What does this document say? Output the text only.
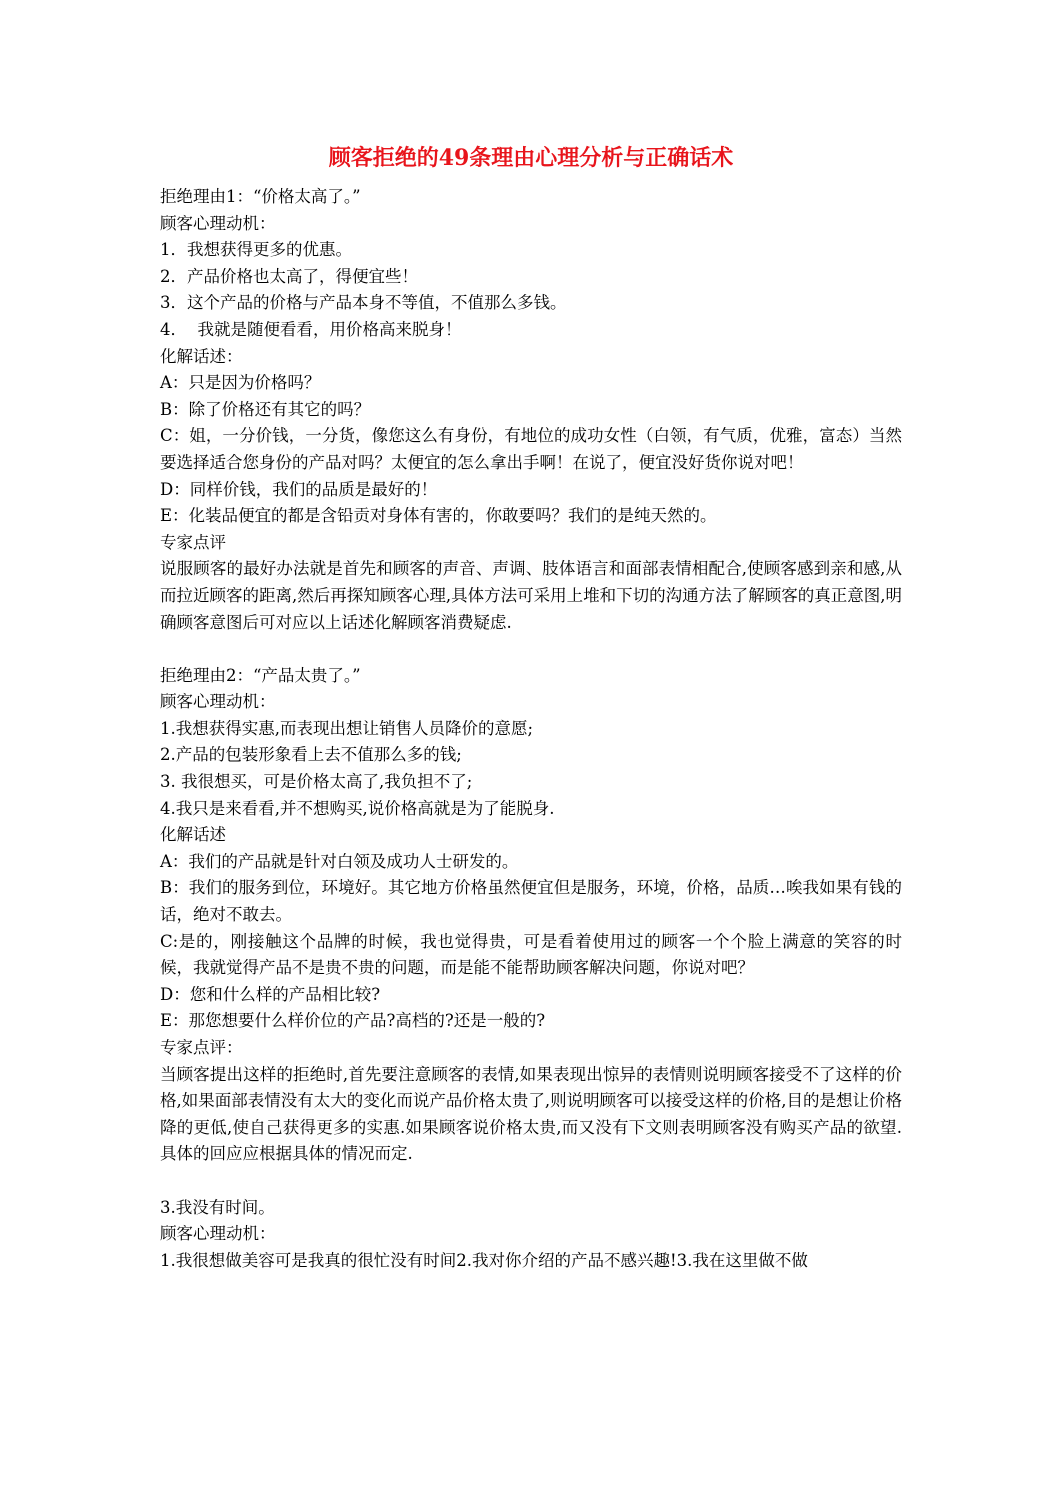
顾客拒绝的49条理由心理分析与正确话术

拒绝理由1：“价格太高了。”

顾客心理动机：

1．我想获得更多的优惠。

2．产品价格也太高了，得便宜些！

3．这个产品的价格与产品本身不等值，不值那么多钱。

4．  我就是随便看看，用价格高来脱身！

化解话述：

A：只是因为价格吗？

B：除了价格还有其它的吗？

C：姐，一分价钱，一分货，像您这么有身份，有地位的成功女性（白领，有气质，优雅，富态）当然要选择适合您身份的产品对吗？太便宜的怎么拿出手啊！在说了，便宜没好货你说对吧！

D：同样价钱，我们的品质是最好的！

E：化装品便宜的都是含铅贡对身体有害的，你敢要吗？我们的是纯天然的。

专家点评

说服顾客的最好办法就是首先和顾客的声音、声调、肢体语言和面部表情相配合,使顾客感到亲和感,从而拉近顾客的距离,然后再探知顾客心理,具体方法可采用上堆和下切的沟通方法了解顾客的真正意图,明确顾客意图后可对应以上话述化解顾客消费疑虑.

拒绝理由2：“产品太贵了。”

顾客心理动机：

1.我想获得实惠,而表现出想让销售人员降价的意愿;

2.产品的包装形象看上去不值那么多的钱;

3. 我很想买，可是价格太高了,我负担不了;

4.我只是来看看,并不想购买,说价格高就是为了能脱身.

化解话述

A：我们的产品就是针对白领及成功人士研发的。

B：我们的服务到位，环境好。其它地方价格虽然便宜但是服务，环境，价格，品质…唉我如果有钱的话，绝对不敢去。

C:是的，刚接触这个品牌的时候，我也觉得贵，可是看着使用过的顾客一个个脸上满意的笑容的时候，我就觉得产品不是贵不贵的问题，而是能不能帮助顾客解决问题，你说对吧？

D：您和什么样的产品相比较?

E：那您想要什么样价位的产品?高档的?还是一般的?

专家点评：

当顾客提出这样的拒绝时,首先要注意顾客的表情,如果表现出惊异的表情则说明顾客接受不了这样的价格,如果面部表情没有太大的变化而说产品价格太贵了,则说明顾客可以接受这样的价格,目的是想让价格降的更低,使自己获得更多的实惠.如果顾客说价格太贵,而又没有下文则表明顾客没有购买产品的欲望.具体的回应应根据具体的情况而定.

3.我没有时间。

顾客心理动机：

1.我很想做美容可是我真的很忙没有时间2.我对你介绍的产品不感兴趣!3.我在这里做不做
